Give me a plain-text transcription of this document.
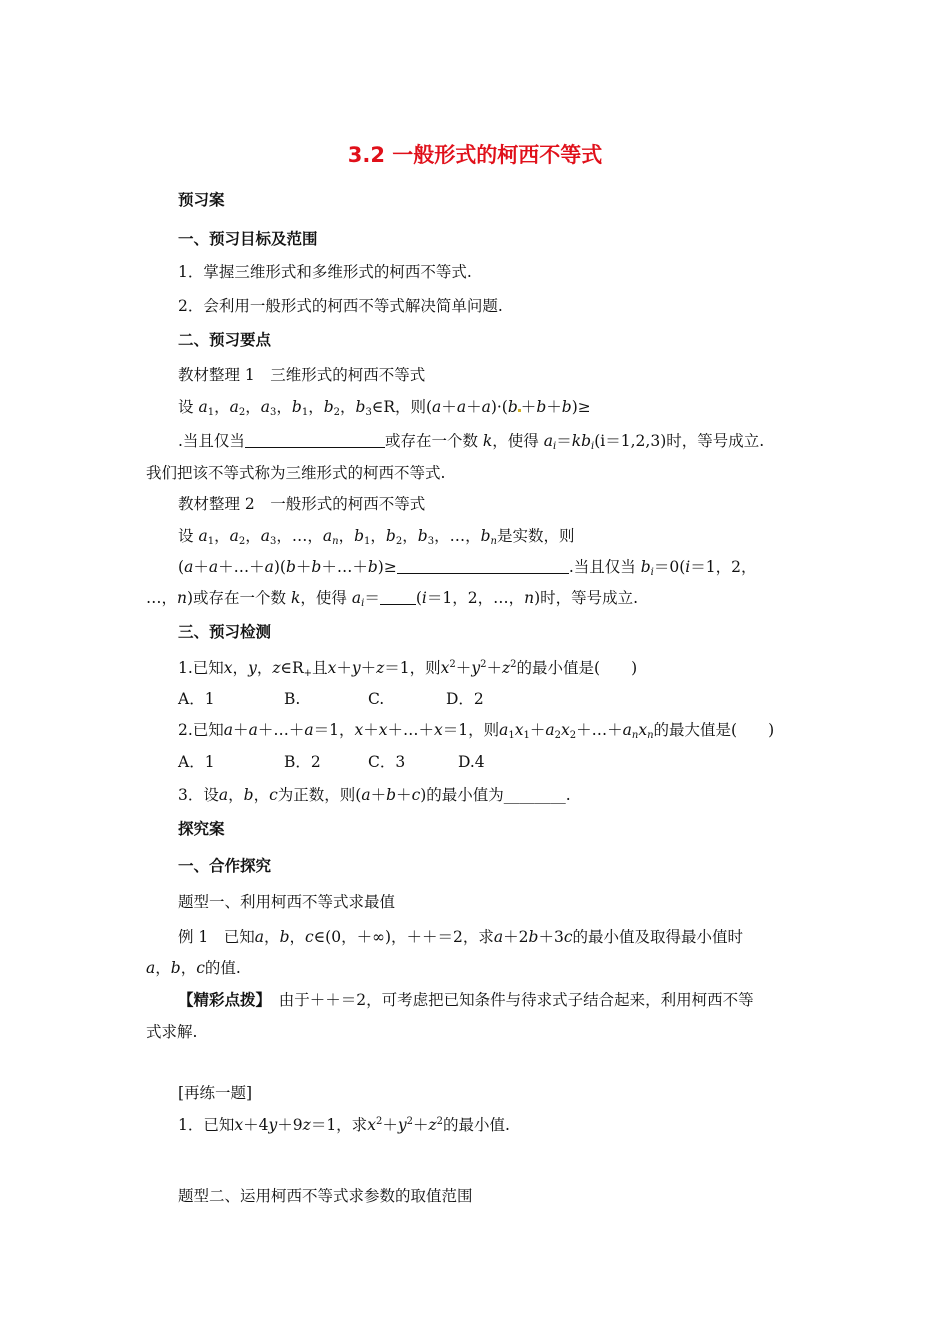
3.2 一般形式的柯西不等式
预习案
一、预习目标及范围
1．掌握三维形式和多维形式的柯西不等式.
2．会利用一般形式的柯西不等式解决简单问题.
二、预习要点
教材整理 1　三维形式的柯西不等式
设 $a_1$，$a_2$，$a_3$，$b_1$，$b_2$，$b_3\in R$，则(a＋a＋a)·(b ＋b＋b)≥
.当且仅当	或存在一个数 k，使得 $a_i=kb_i(i=1,2,3)$时，等号成立.
我们把该不等式称为三维形式的柯西不等式.
教材整理 2　一般形式的柯西不等式
设 $a_1$，$a_2$，$a_3$，…，$a_n$，$b_1$，$b_2$，$b_3$，…，$b_n$是实数，则
(a＋a＋…＋a)(b＋b＋…＋b)≥	.当且仅当 $b_i=0(i=1$，2，
…，n)或存在一个数 k，使得 $a_i= (i=1$，2，…，n)时，等号成立.
三、预习检测
1.已知x，y，$z\in R_+$且x＋y＋z＝1，则$x^2+y^2+z^2$的最小值是(　　)
A．1	B.	C.	D．2
2.已知a＋a＋…＋a＝1，x＋x＋…＋x＝1，则$a_1x_1+a_2x_2+\dots+a_nx_n$的最大值是(　　)
A．1	B．2	C．3	D.4
3．设a，b，c为正数，则(a＋b＋c)的最小值为________.
探究案
一、合作探究
题型一、利用柯西不等式求最值
例 1　已知a，b，c∈(0，＋∞)，＋＋＝2，求a＋2b＋3c的最小值及取得最小值时
a，b，c的值.
【精彩点拨】　由于＋＋＝2，可考虑把已知条件与待求式子结合起来，利用柯西不等
式求解.
[再练一题]
1．已知x＋4y＋9z＝1，求$x^2+y^2+z^2$的最小值.
题型二、运用柯西不等式求参数的取值范围
